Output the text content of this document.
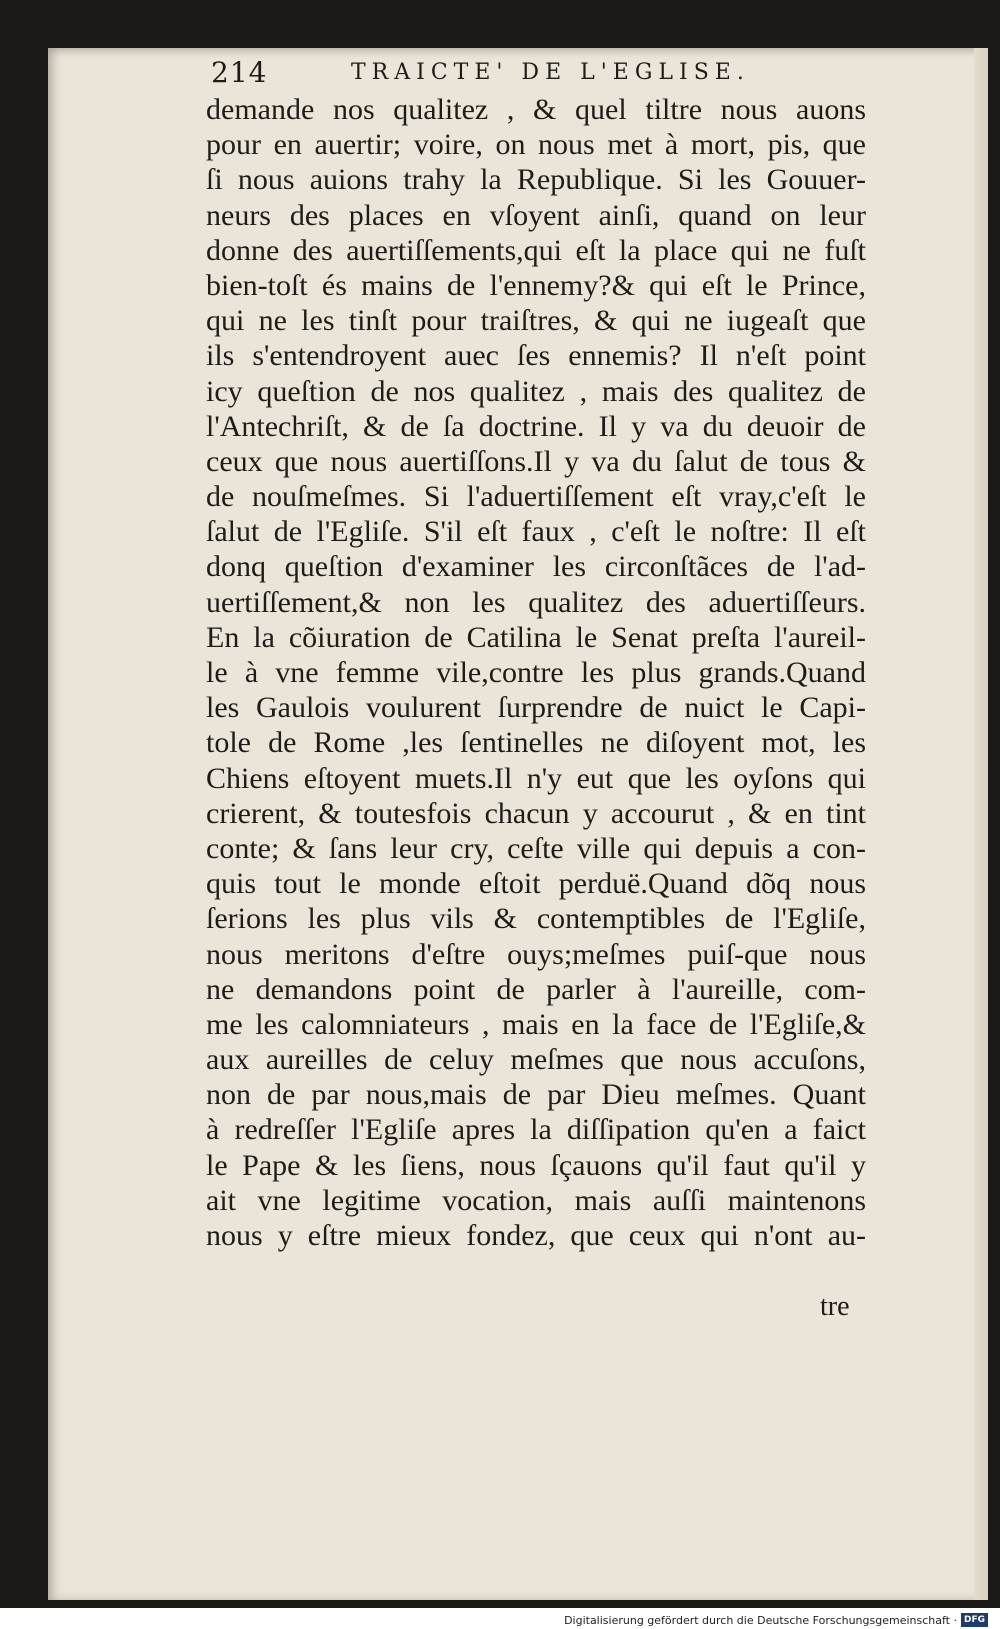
214	TRAICTE' DE L'EGLISE.
demande nos qualitez , & quel tiltre nous auons
pour en auertir; voire, on nous met à mort, pis, que
ſi nous auions trahy la Republique. Si les Gouuer-
neurs des places en vſoyent ainſi, quand on leur
donne des auertiſſements,qui eſt la place qui ne fuſt
bien-toſt és mains de l'ennemy?& qui eſt le Prince,
qui ne les tinſt pour traiſtres, & qui ne iugeaſt que
ils s'entendroyent auec ſes ennemis? Il n'eſt point
icy queſtion de nos qualitez , mais des qualitez de
l'Antechriſt, & de ſa doctrine. Il y va du deuoir de
ceux que nous auertiſſons.Il y va du ſalut de tous &
de nouſmeſmes. Si l'aduertiſſement eſt vray,c'eſt le
ſalut de l'Egliſe. S'il eſt faux , c'eſt le noſtre: Il eſt
donq queſtion d'examiner les circonſtãces de l'ad-
uertiſſement,& non les qualitez des aduertiſſeurs.
En la cõiuration de Catilina le Senat preſta l'aureil-
le à vne femme vile,contre les plus grands.Quand
les Gaulois voulurent ſurprendre de nuict le Capi-
tole de Rome ,les ſentinelles ne diſoyent mot, les
Chiens eſtoyent muets.Il n'y eut que les oyſons qui
crierent, & toutesfois chacun y accourut , & en tint
conte; & ſans leur cry, ceſte ville qui depuis a con-
quis tout le monde eſtoit perduë.Quand dõq nous
ſerions les plus vils & contemptibles de l'Egliſe,
nous meritons d'eſtre ouys;meſmes puiſ-que nous
ne demandons point de parler à l'aureille, com-
me les calomniateurs , mais en la face de l'Egliſe,&
aux aureilles de celuy meſmes que nous accuſons,
non de par nous,mais de par Dieu meſmes. Quant
à redreſſer l'Egliſe apres la diſſipation qu'en a faict
le Pape & les ſiens, nous ſçauons qu'il faut qu'il y
ait vne legitime vocation, mais auſſi maintenons
nous y eſtre mieux fondez, que ceux qui n'ont au-
tre
Digitalisierung gefördert durch die Deutsche Forschungsgemeinschaft · DFG
